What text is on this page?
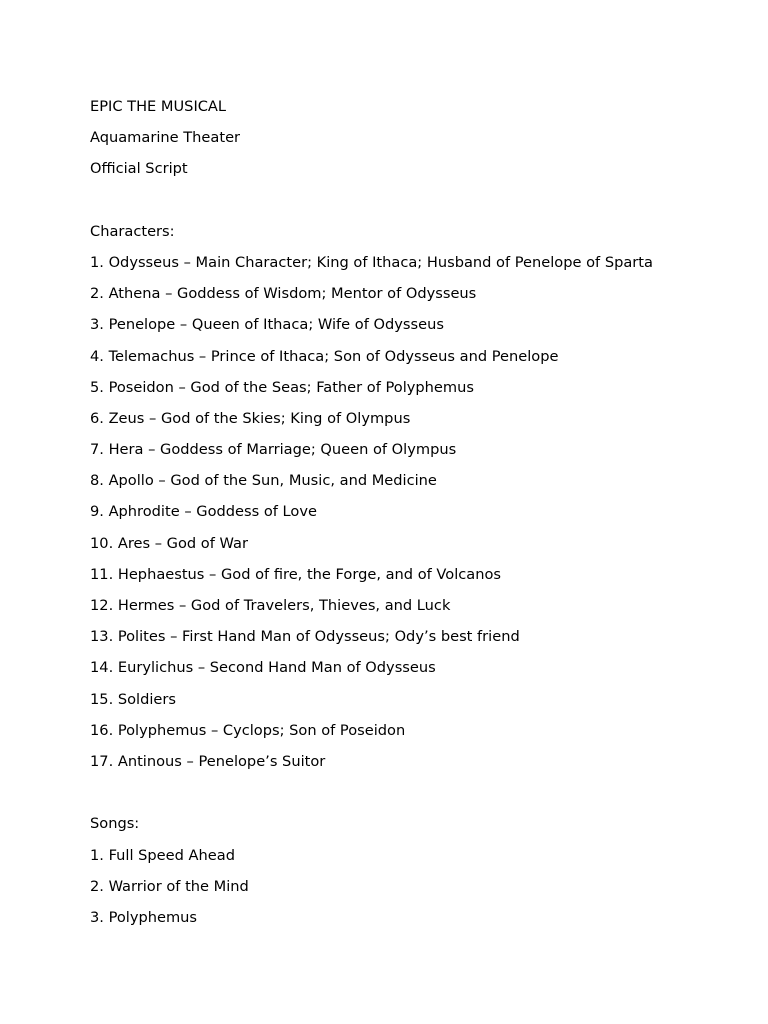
EPIC THE MUSICAL
Aquamarine Theater
Official Script
Characters:
1. Odysseus – Main Character; King of Ithaca; Husband of Penelope of Sparta
2. Athena – Goddess of Wisdom; Mentor of Odysseus
3. Penelope – Queen of Ithaca; Wife of Odysseus
4. Telemachus – Prince of Ithaca; Son of Odysseus and Penelope
5. Poseidon – God of the Seas; Father of Polyphemus
6. Zeus – God of the Skies; King of Olympus
7. Hera – Goddess of Marriage; Queen of Olympus
8. Apollo – God of the Sun, Music, and Medicine
9. Aphrodite – Goddess of Love
10. Ares – God of War
11. Hephaestus – God of fire, the Forge, and of Volcanos
12. Hermes – God of Travelers, Thieves, and Luck
13. Polites – First Hand Man of Odysseus; Ody’s best friend
14. Eurylichus – Second Hand Man of Odysseus
15. Soldiers
16. Polyphemus – Cyclops; Son of Poseidon
17. Antinous – Penelope’s Suitor
Songs:
1. Full Speed Ahead
2. Warrior of the Mind
3. Polyphemus
